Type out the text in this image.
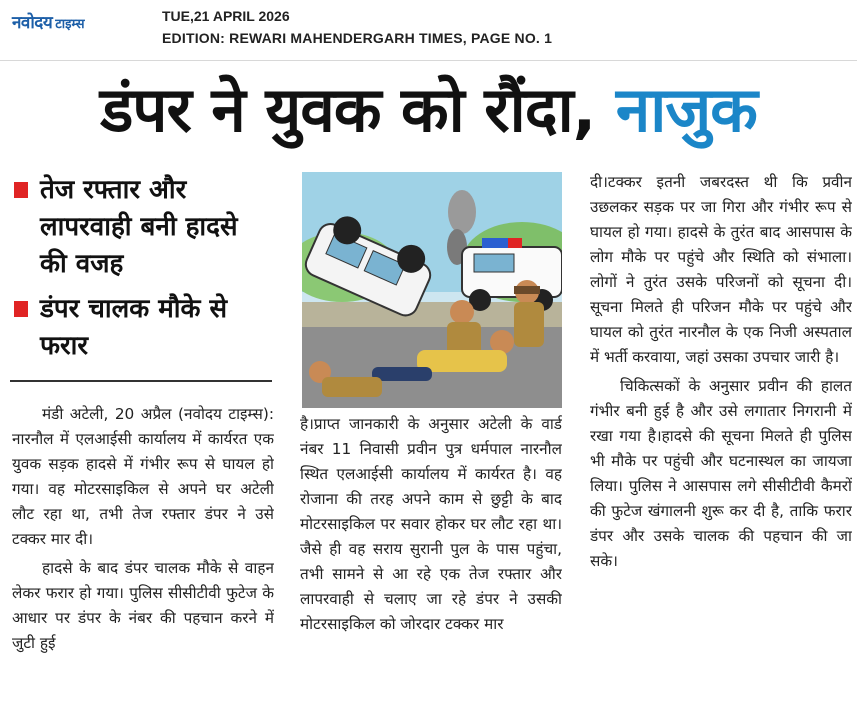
नवोदय टाइम्स
TUE,21 APRIL 2026
EDITION: REWARI MAHENDERGARH TIMES, PAGE NO. 1
डंपर ने युवक को रौंदा, नाजुक
तेज रफ्तार और लापरवाही बनी हादसे की वजह
डंपर चालक मौके से फरार

मंडी अटेली, 20 अप्रैल (नवोदय टाइम्स): नारनौल में एलआईसी कार्यालय में कार्यरत एक युवक सड़क हादसे में गंभीर रूप से घायल हो गया। वह मोटरसाइकिल से अपने घर अटेली लौट रहा था, तभी तेज रफ्तार डंपर ने उसे टक्कर मार दी।

हादसे के बाद डंपर चालक मौके से वाहन लेकर फरार हो गया। पुलिस सीसीटीवी फुटेज के आधार पर डंपर के नंबर की पहचान करने में जुटी हुई

है।प्राप्त जानकारी के अनुसार अटेली के वार्ड नंबर 11 निवासी प्रवीन पुत्र धर्मपाल नारनौल स्थित एलआईसी कार्यालय में कार्यरत है। वह रोजाना की तरह अपने काम से छुट्टी के बाद मोटरसाइकिल पर सवार होकर घर लौट रहा था। जैसे ही वह सराय सुरानी पुल के पास पहुंचा, तभी सामने से आ रहे एक तेज रफ्तार और लापरवाही से चलाए जा रहे डंपर ने उसकी मोटरसाइकिल को जोरदार टक्कर मार

दी।टक्कर इतनी जबरदस्त थी कि प्रवीन उछलकर सड़क पर जा गिरा और गंभीर रूप से घायल हो गया। हादसे के तुरंत बाद आसपास के लोग मौके पर पहुंचे और स्थिति को संभाला। लोगों ने तुरंत उसके परिजनों को सूचना दी। सूचना मिलते ही परिजन मौके पर पहुंचे और घायल को तुरंत नारनौल के एक निजी अस्पताल में भर्ती करवाया, जहां उसका उपचार जारी है।

चिकित्सकों के अनुसार प्रवीन की हालत गंभीर बनी हुई है और उसे लगातार निगरानी में रखा गया है।हादसे की सूचना मिलते ही पुलिस भी मौके पर पहुंची और घटनास्थल का जायजा लिया। पुलिस ने आसपास लगे सीसीटीवी कैमरों की फुटेज खंगालनी शुरू कर दी है, ताकि फरार डंपर और उसके चालक की पहचान की जा सके।
